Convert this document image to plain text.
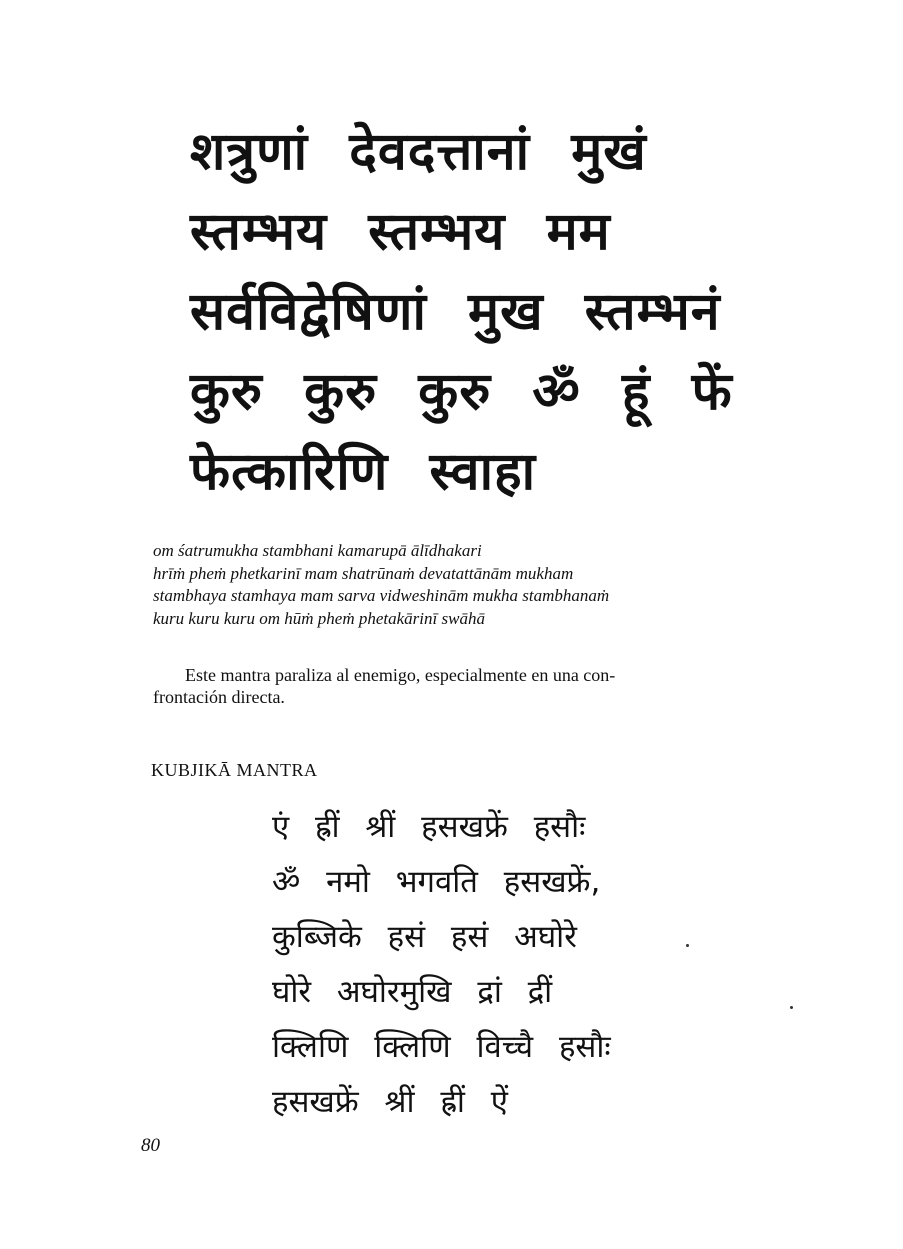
शत्रुणां देवदत्तानां मुखं
स्तम्भय स्तम्भय मम
सर्वविद्वेषिणां मुख स्तम्भनं
कुरु कुरु कुरु ॐ हूं फें
फेत्कारिणि स्वाहा
om śatrumukha stambhani kamarupā ālīdhakari
hrīṁ pheṁ phetkarinī mam shatrūnaṁ devatattānām mukham
stambhaya stamhaya mam sarva vidweshinām mukha stambhanaṁ
kuru kuru kuru om hūṁ pheṁ phetakārinī swāhā
Este mantra paraliza al enemigo, especialmente en una con-
frontación directa.
KUBJIKĀ MANTRA
एं ह्रीं श्रीं हसखफ्रें हसौः
ॐ नमो भगवति हसखफ्रें,
कुब्जिके हसं हसं अघोरे
घोरे अघोरमुखि द्रां द्रीं
क्लिणि क्लिणि विच्चै हसौः
हसखफ्रें श्रीं ह्रीं ऐं
80
